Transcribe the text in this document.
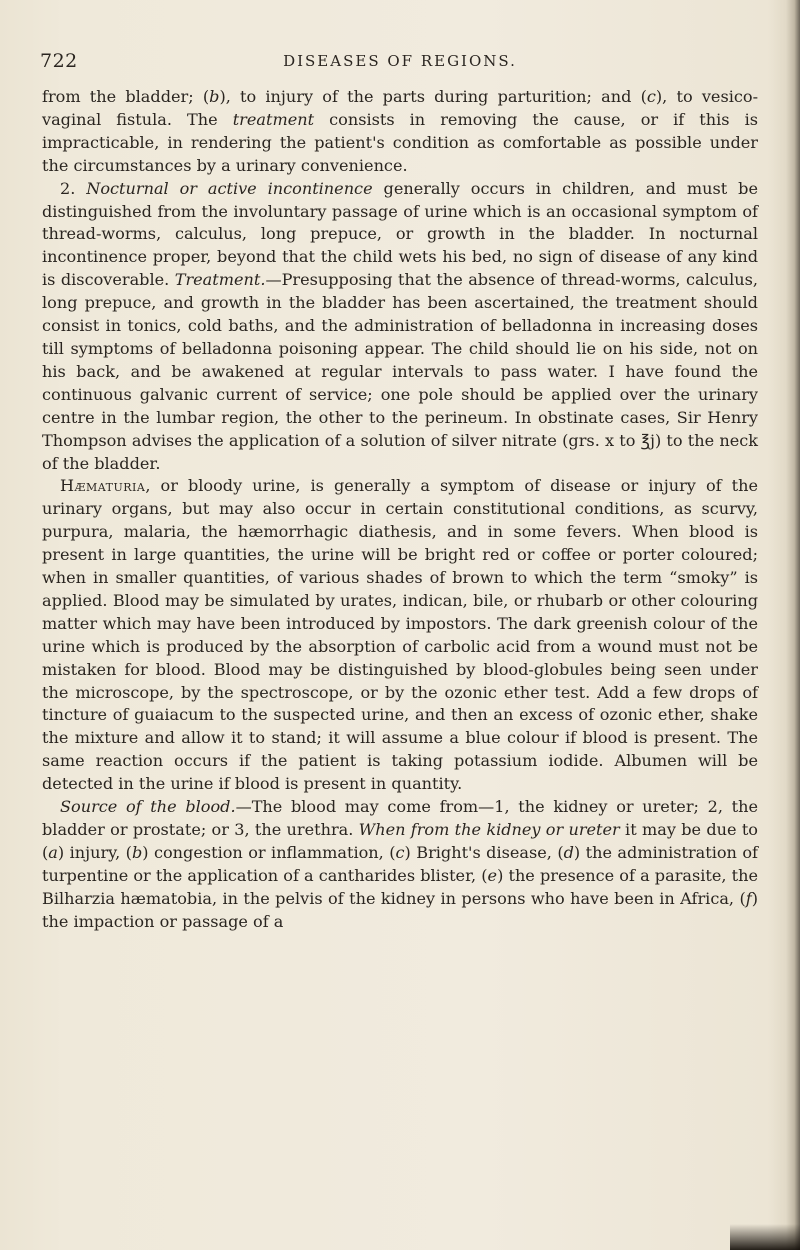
722	DISEASES OF REGIONS.

from the bladder; (b), to injury of the parts during parturition; and (c), to vesico-vaginal fistula. The treatment consists in removing the cause, or if this is impracticable, in rendering the patient's condition as comfortable as possible under the circumstances by a urinary convenience.

2. Nocturnal or active incontinence generally occurs in children, and must be distinguished from the involuntary passage of urine which is an occasional symptom of thread-worms, calculus, long prepuce, or growth in the bladder. In nocturnal incontinence proper, beyond that the child wets his bed, no sign of disease of any kind is discoverable. Treatment.—Presupposing that the absence of thread-worms, calculus, long prepuce, and growth in the bladder has been ascertained, the treatment should consist in tonics, cold baths, and the administration of belladonna in increasing doses till symptoms of belladonna poisoning appear. The child should lie on his side, not on his back, and be awakened at regular intervals to pass water. I have found the continuous galvanic current of service; one pole should be applied over the urinary centre in the lumbar region, the other to the perineum. In obstinate cases, Sir Henry Thompson advises the application of a solution of silver nitrate (grs. x to ℥j) to the neck of the bladder.

Hæmaturia, or bloody urine, is generally a symptom of disease or injury of the urinary organs, but may also occur in certain constitutional conditions, as scurvy, purpura, malaria, the hæmorrhagic diathesis, and in some fevers. When blood is present in large quantities, the urine will be bright red or coffee or porter coloured; when in smaller quantities, of various shades of brown to which the term “smoky” is applied. Blood may be simulated by urates, indican, bile, or rhubarb or other colouring matter which may have been introduced by impostors. The dark greenish colour of the urine which is produced by the absorption of carbolic acid from a wound must not be mistaken for blood. Blood may be distinguished by blood-globules being seen under the microscope, by the spectroscope, or by the ozonic ether test. Add a few drops of tincture of guaiacum to the suspected urine, and then an excess of ozonic ether, shake the mixture and allow it to stand; it will assume a blue colour if blood is present. The same reaction occurs if the patient is taking potassium iodide. Albumen will be detected in the urine if blood is present in quantity.

Source of the blood.—The blood may come from—1, the kidney or ureter; 2, the bladder or prostate; or 3, the urethra. When from the kidney or ureter it may be due to (a) injury, (b) congestion or inflammation, (c) Bright's disease, (d) the administration of turpentine or the application of a cantharides blister, (e) the presence of a parasite, the Bilharzia hæmatobia, in the pelvis of the kidney in persons who have been in Africa, (f) the impaction or passage of a
